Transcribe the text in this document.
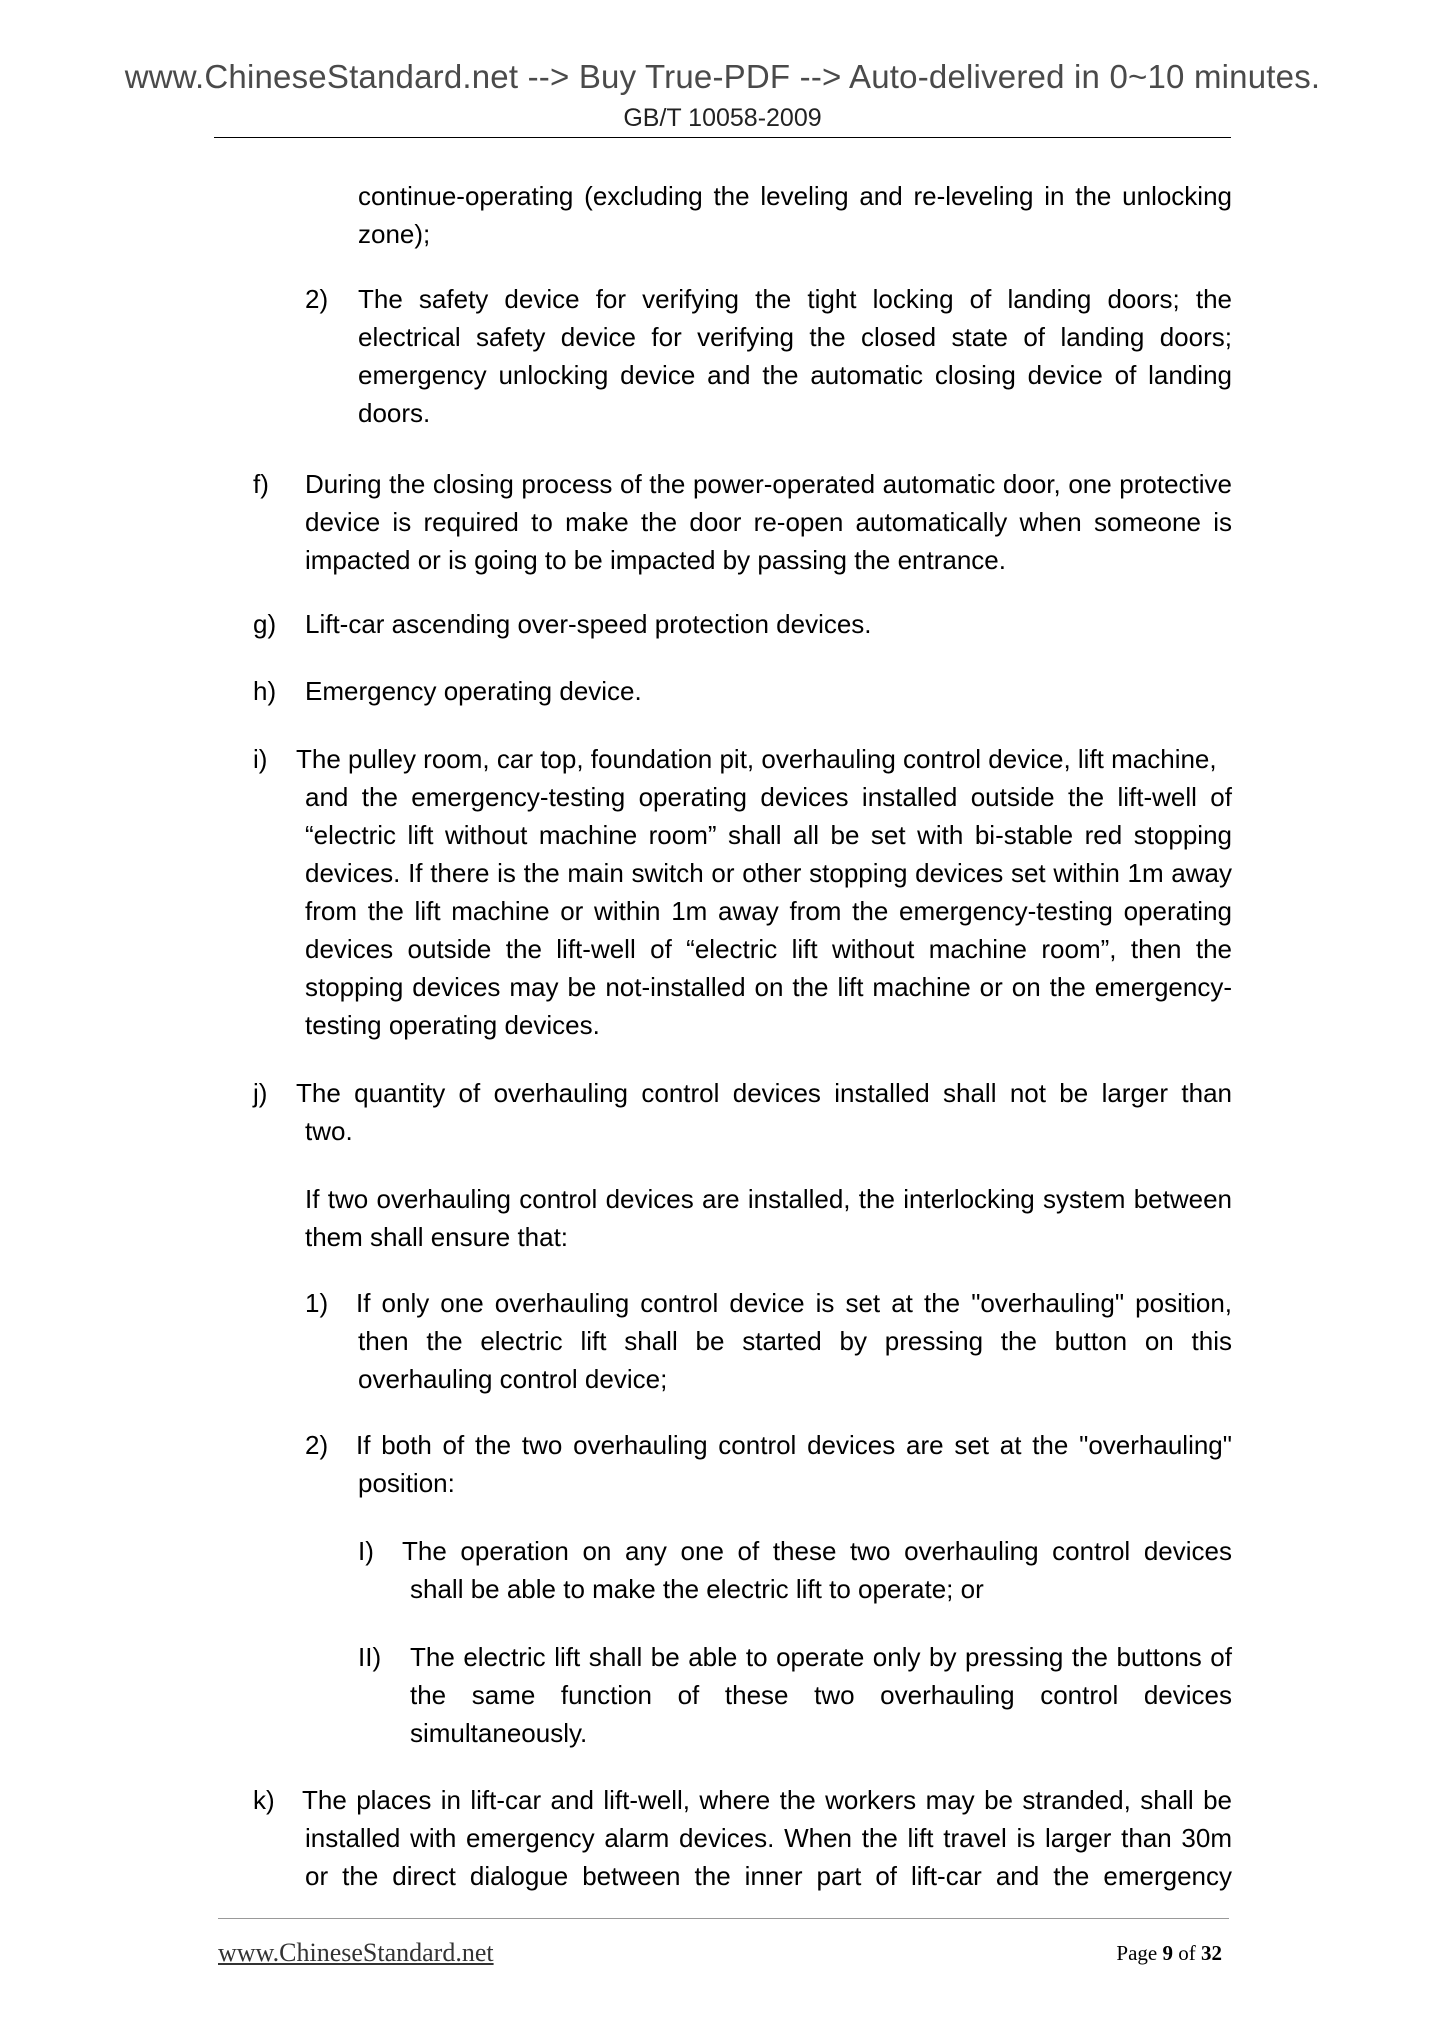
www.ChineseStandard.net --> Buy True-PDF --> Auto-delivered in 0~10 minutes.
GB/T 10058-2009

continue-operating (excluding the leveling and re-leveling in the unlocking zone);

2) The safety device for verifying the tight locking of landing doors; the electrical safety device for verifying the closed state of landing doors; emergency unlocking device and the automatic closing device of landing doors.

f) During the closing process of the power-operated automatic door, one protective device is required to make the door re-open automatically when someone is impacted or is going to be impacted by passing the entrance.

g) Lift-car ascending over-speed protection devices.

h) Emergency operating device.

i) The pulley room, car top, foundation pit, overhauling control device, lift machine,

and the emergency-testing operating devices installed outside the lift-well of “electric lift without machine room” shall all be set with bi-stable red stopping devices. If there is the main switch or other stopping devices set within 1m away from the lift machine or within 1m away from the emergency-testing operating devices outside the lift-well of “electric lift without machine room”, then the stopping devices may be not-installed on the lift machine or on the emergency-testing operating devices.

j) The quantity of overhauling control devices installed shall not be larger than

two.

If two overhauling control devices are installed, the interlocking system between them shall ensure that:

1) If only one overhauling control device is set at the "overhauling" position,

then the electric lift shall be started by pressing the button on this overhauling control device;

2) If both of the two overhauling control devices are set at the "overhauling"

position:

I) The operation on any one of these two overhauling control devices

shall be able to make the electric lift to operate; or

II) The electric lift shall be able to operate only by pressing the buttons of

the same function of these two overhauling control devices simultaneously.

k) The places in lift-car and lift-well, where the workers may be stranded, shall be

installed with emergency alarm devices. When the lift travel is larger than 30m or the direct dialogue between the inner part of lift-car and the emergency

www.ChineseStandard.net	Page 9 of 32
